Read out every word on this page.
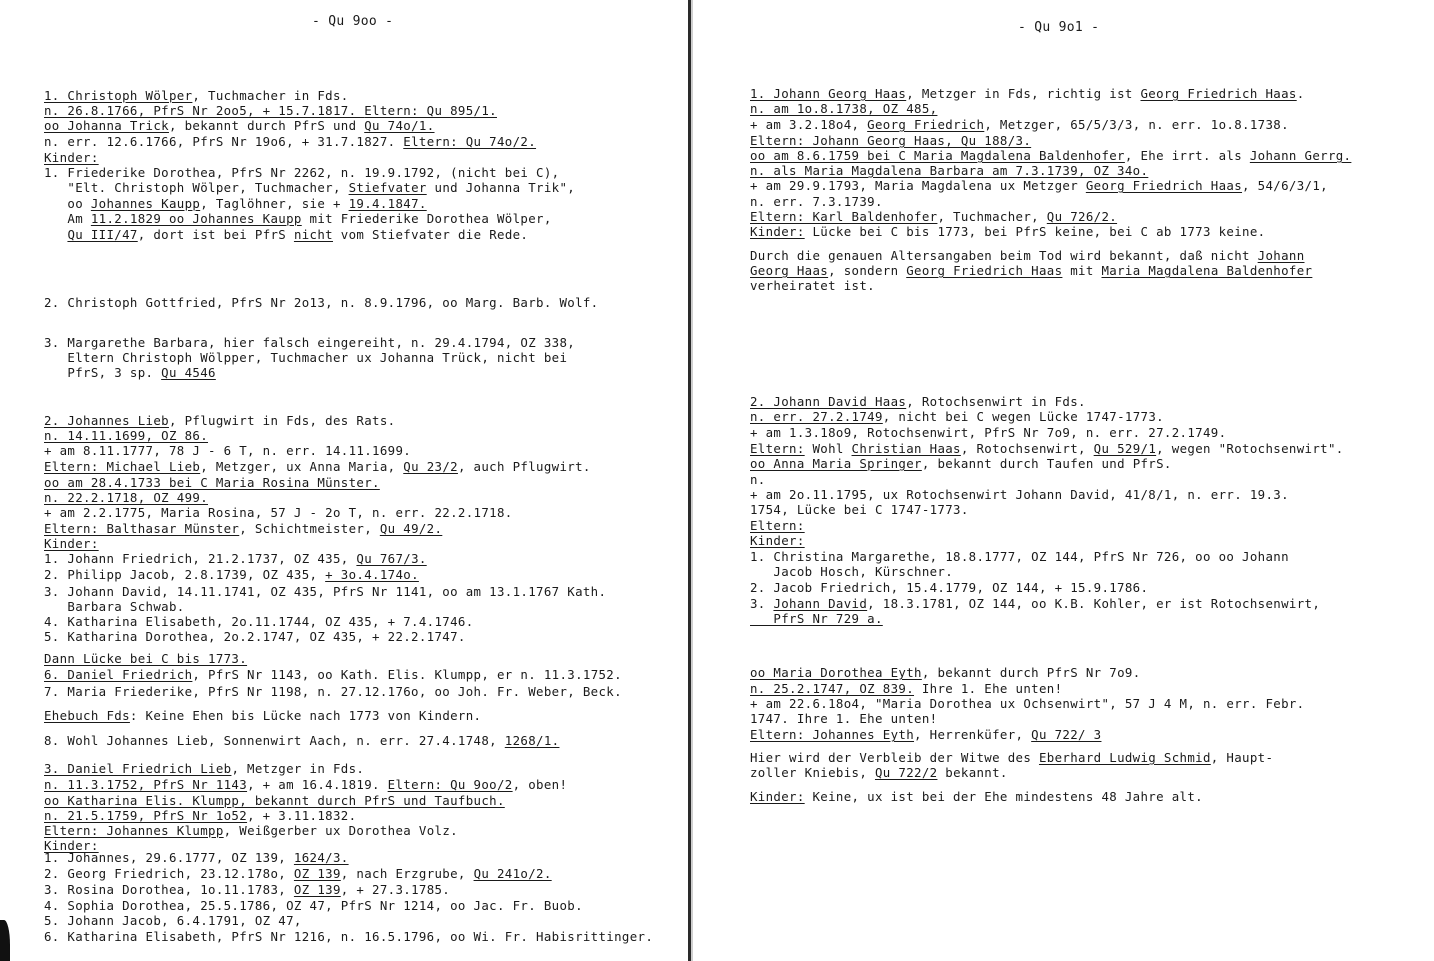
- Qu 9oo -
1. Christoph Wölper, Tuchmacher in Fds.
n. 26.8.1766, PfrS Nr 2oo5, + 15.7.1817. Eltern: Qu 895/1.
oo Johanna Trick, bekannt durch PfrS und Qu 74o/1.
n. err. 12.6.1766, PfrS Nr 19o6, + 31.7.1827. Eltern: Qu 74o/2.
Kinder:
1. Friederike Dorothea, PfrS Nr 2262, n. 19.9.1792, (nicht bei C),
"Elt. Christoph Wölper, Tuchmacher, Stiefvater und Johanna Trik",
oo Johannes Kaupp, Taglöhner, sie + 19.4.1847.
Am 11.2.1829 oo Johannes Kaupp mit Friederike Dorothea Wölper,
Qu III/47, dort ist bei PfrS nicht vom Stiefvater die Rede.
2. Christoph Gottfried, PfrS Nr 2o13, n. 8.9.1796, oo Marg. Barb. Wolf.
3. Margarethe Barbara, hier falsch eingereiht, n. 29.4.1794, OZ 338,
Eltern Christoph Wölpper, Tuchmacher ux Johanna Trück, nicht bei
PfrS, 3 sp. Qu 4546
2. Johannes Lieb, Pflugwirt in Fds, des Rats.
n. 14.11.1699, OZ 86.
+ am 8.11.1777, 78 J - 6 T, n. err. 14.11.1699.
Eltern: Michael Lieb, Metzger, ux Anna Maria, Qu 23/2, auch Pflugwirt.
oo am 28.4.1733 bei C Maria Rosina Münster.
n. 22.2.1718, OZ 499.
+ am 2.2.1775, Maria Rosina, 57 J - 2o T, n. err. 22.2.1718.
Eltern: Balthasar Münster, Schichtmeister, Qu 49/2.
Kinder:
1. Johann Friedrich, 21.2.1737, OZ 435, Qu 767/3.
2. Philipp Jacob, 2.8.1739, OZ 435, + 3o.4.174o.
3. Johann David, 14.11.1741, OZ 435, PfrS Nr 1141, oo am 13.1.1767 Kath.
Barbara Schwab.
4. Katharina Elisabeth, 2o.11.1744, OZ 435, + 7.4.1746.
5. Katharina Dorothea, 2o.2.1747, OZ 435, + 22.2.1747.
Dann Lücke bei C bis 1773.
6. Daniel Friedrich, PfrS Nr 1143, oo Kath. Elis. Klumpp, er n. 11.3.1752.
7. Maria Friederike, PfrS Nr 1198, n. 27.12.176o, oo Joh. Fr. Weber, Beck.
Ehebuch Fds: Keine Ehen bis Lücke nach 1773 von Kindern.
8. Wohl Johannes Lieb, Sonnenwirt Aach, n. err. 27.4.1748, 1268/1.
3. Daniel Friedrich Lieb, Metzger in Fds.
n. 11.3.1752, PfrS Nr 1143, + am 16.4.1819. Eltern: Qu 9oo/2, oben!
oo Katharina Elis. Klumpp, bekannt durch PfrS und Taufbuch.
n. 21.5.1759, PfrS Nr 1o52, + 3.11.1832.
Eltern: Johannes Klumpp, Weißgerber ux Dorothea Volz.
Kinder:
1. Johannes, 29.6.1777, OZ 139, 1624/3.
2. Georg Friedrich, 23.12.178o, OZ 139, nach Erzgrube, Qu 241o/2.
3. Rosina Dorothea, 1o.11.1783, OZ 139, + 27.3.1785.
4. Sophia Dorothea, 25.5.1786, OZ 47, PfrS Nr 1214, oo Jac. Fr. Buob.
5. Johann Jacob, 6.4.1791, OZ 47,
6. Katharina Elisabeth, PfrS Nr 1216, n. 16.5.1796, oo Wi. Fr. Habisrittinger.
- Qu 9o1 -
1. Johann Georg Haas, Metzger in Fds, richtig ist Georg Friedrich Haas.
n. am 1o.8.1738, OZ 485,
+ am 3.2.18o4, Georg Friedrich, Metzger, 65/5/3/3, n. err. 1o.8.1738.
Eltern: Johann Georg Haas, Qu 188/3.
oo am 8.6.1759 bei C Maria Magdalena Baldenhofer, Ehe irrt. als Johann Gerrg.
n. als Maria Magdalena Barbara am 7.3.1739, OZ 34o.
+ am 29.9.1793, Maria Magdalena ux Metzger Georg Friedrich Haas, 54/6/3/1,
n. err. 7.3.1739.
Eltern: Karl Baldenhofer, Tuchmacher, Qu 726/2.
Kinder: Lücke bei C bis 1773, bei PfrS keine, bei C ab 1773 keine.
Durch die genauen Altersangaben beim Tod wird bekannt, daß nicht Johann
Georg Haas, sondern Georg Friedrich Haas mit Maria Magdalena Baldenhofer
verheiratet ist.
2. Johann David Haas, Rotochsenwirt in Fds.
n. err. 27.2.1749, nicht bei C wegen Lücke 1747-1773.
+ am 1.3.18o9, Rotochsenwirt, PfrS Nr 7o9, n. err. 27.2.1749.
Eltern: Wohl Christian Haas, Rotochsenwirt, Qu 529/1, wegen "Rotochsenwirt".
oo Anna Maria Springer, bekannt durch Taufen und PfrS.
n.
+ am 2o.11.1795, ux Rotochsenwirt Johann David, 41/8/1, n. err. 19.3.
1754, Lücke bei C 1747-1773.
Eltern:
Kinder:
1. Christina Margarethe, 18.8.1777, OZ 144, PfrS Nr 726, oo oo Johann
Jacob Hosch, Kürschner.
2. Jacob Friedrich, 15.4.1779, OZ 144, + 15.9.1786.
3. Johann David, 18.3.1781, OZ 144, oo K.B. Kohler, er ist Rotochsenwirt,
PfrS Nr 729 a.
oo Maria Dorothea Eyth, bekannt durch PfrS Nr 7o9.
n. 25.2.1747, OZ 839. Ihre 1. Ehe unten!
+ am 22.6.18o4, "Maria Dorothea ux Ochsenwirt", 57 J 4 M, n. err. Febr.
1747. Ihre 1. Ehe unten!
Eltern: Johannes Eyth, Herrenküfer, Qu 722/ 3
Hier wird der Verbleib der Witwe des Eberhard Ludwig Schmid, Haupt-
zoller Kniebis, Qu 722/2 bekannt.
Kinder: Keine, ux ist bei der Ehe mindestens 48 Jahre alt.
